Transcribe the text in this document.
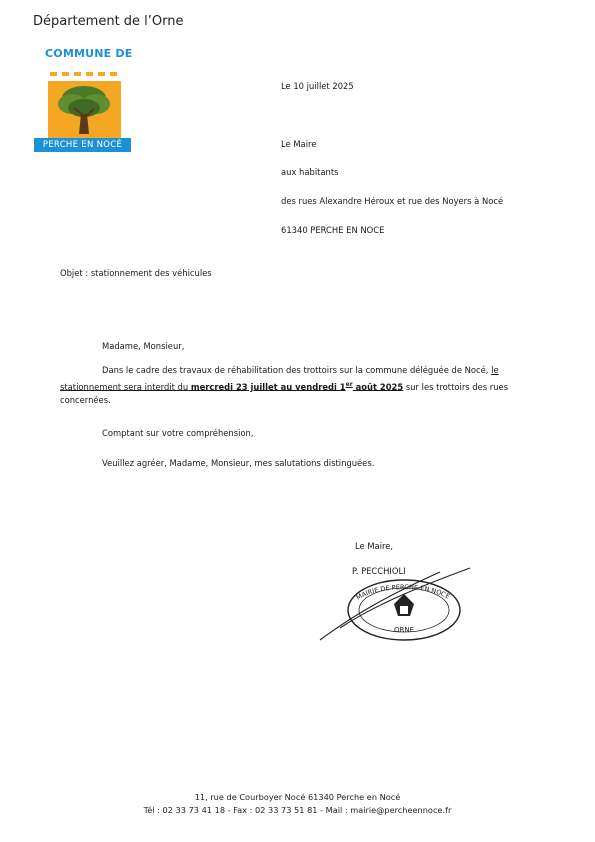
Département de l’Orne
COMMUNE DE
PERCHE EN NOCÉ
Le 10 juillet 2025
Le Maire
aux habitants
des rues Alexandre Héroux et rue des Noyers à Nocé
61340 PERCHE EN NOCE
Objet : stationnement des véhicules
Madame, Monsieur,
Dans le cadre des travaux de réhabilitation des trottoirs sur la commune déléguée de Nocé, le
stationnement sera interdit du mercredi 23 juillet au vendredi 1er août 2025 sur les trottoirs des rues
concernées.
Comptant sur votre compréhension,
Veuillez agréer, Madame, Monsieur, mes salutations distinguées.
Le Maire,
P. PECCHIOLI
MAIRIE DE PERCHE EN NOCÉ
ORNE
11, rue de Courboyer Nocé 61340 Perche en Nocé
Tél : 02 33 73 41 18 - Fax : 02 33 73 51 81 - Mail : mairie@percheennoce.fr
